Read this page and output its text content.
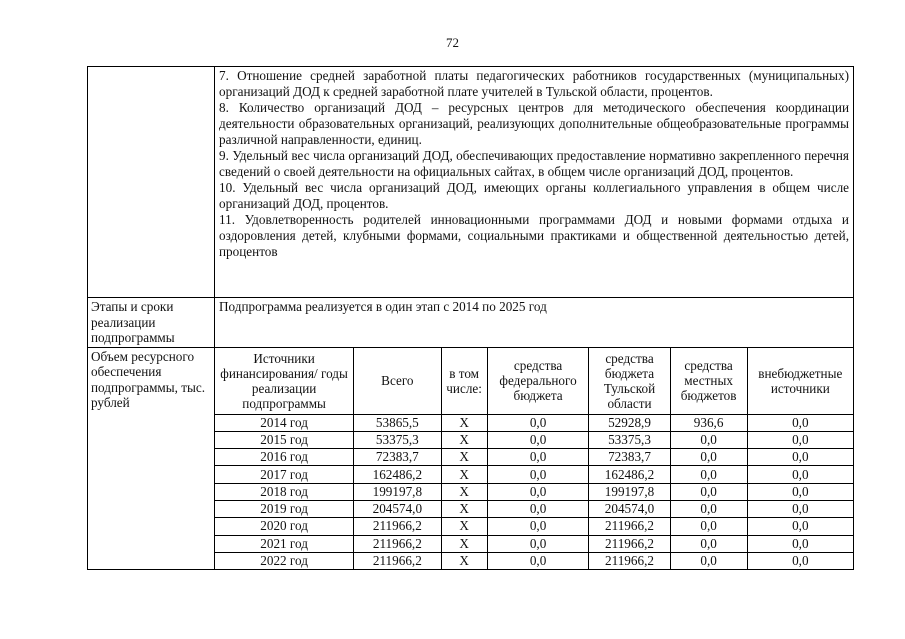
72

7. Отношение средней заработной платы педагогических работников государственных (муниципальных) организаций ДОД к средней заработной плате учителей в Тульской области, процентов.

8. Количество организаций ДОД – ресурсных центров для методического обеспечения координации деятельности образовательных организаций, реализующих дополнительные общеобразовательные программы различной направленности, единиц.

9. Удельный вес числа организаций ДОД, обеспечивающих предоставление нормативно закрепленного перечня сведений о своей деятельности на официальных сайтах, в общем числе организаций ДОД, процентов.

10. Удельный вес числа организаций ДОД, имеющих органы коллегиального управления в общем числе организаций ДОД, процентов.

11. Удовлетворенность родителей инновационными программами ДОД и новыми формами отдыха и оздоровления детей, клубными формами, социальными практиками и общественной деятельностью детей, процентов

Этапы и сроки реализации подпрограммы	Подпрограмма реализуется в один этап с 2014 по 2025 год
Объем ресурсного обеспечения подпрограммы, тыс. рублей	
Источники финансирования/ годы реализации подпрограммы	Всего	в том числе:	средства федерального бюджета	средства бюджета Тульской области	средства местных бюджетов	внебюджетные источники
2014 год	53865,5	X	0,0	52928,9	936,6	0,0
2015 год	53375,3	X	0,0	53375,3	0,0	0,0
2016 год	72383,7	X	0,0	72383,7	0,0	0,0
2017 год	162486,2	X	0,0	162486,2	0,0	0,0
2018 год	199197,8	X	0,0	199197,8	0,0	0,0
2019 год	204574,0	X	0,0	204574,0	0,0	0,0
2020 год	211966,2	X	0,0	211966,2	0,0	0,0
2021 год	211966,2	X	0,0	211966,2	0,0	0,0
2022 год	211966,2	X	0,0	211966,2	0,0	0,0
